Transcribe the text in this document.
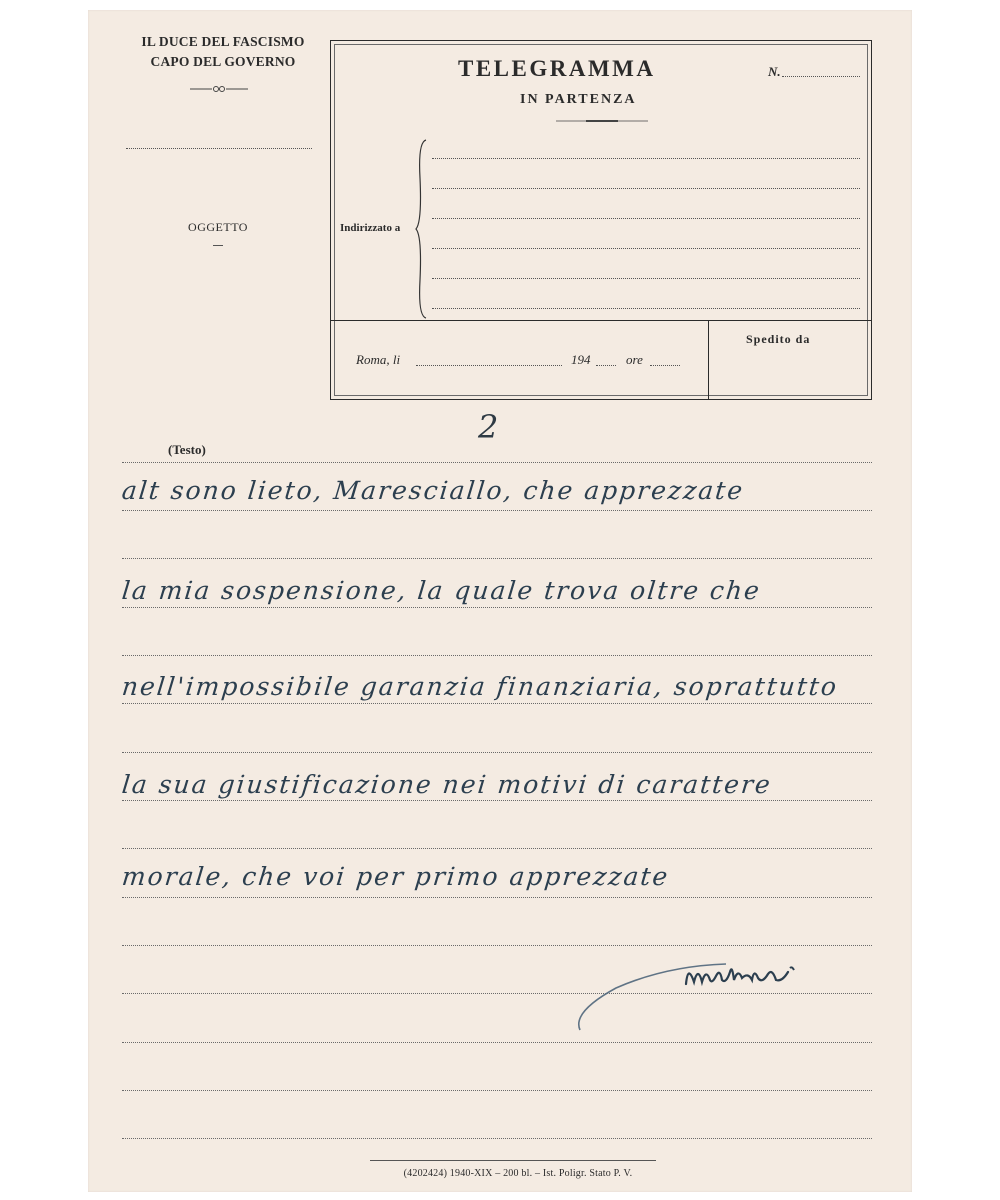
IL DUCE DEL FASCISMO
CAPO DEL GOVERNO
OGGETTO
TELEGRAMMA
IN PARTENZA
N.
Indirizzato a
Roma, li	194	ore
Spedito da
2
(Testo)
alt sono lieto, Maresciallo, che apprezzate
la mia sospensione, la quale trova oltre che
nell'impossibile garanzia finanziaria, soprattutto
la sua giustificazione nei motivi di carattere
morale, che voi per primo apprezzate
(4202424) 1940-XIX – 200 bl. – Ist. Poligr. Stato P. V.
